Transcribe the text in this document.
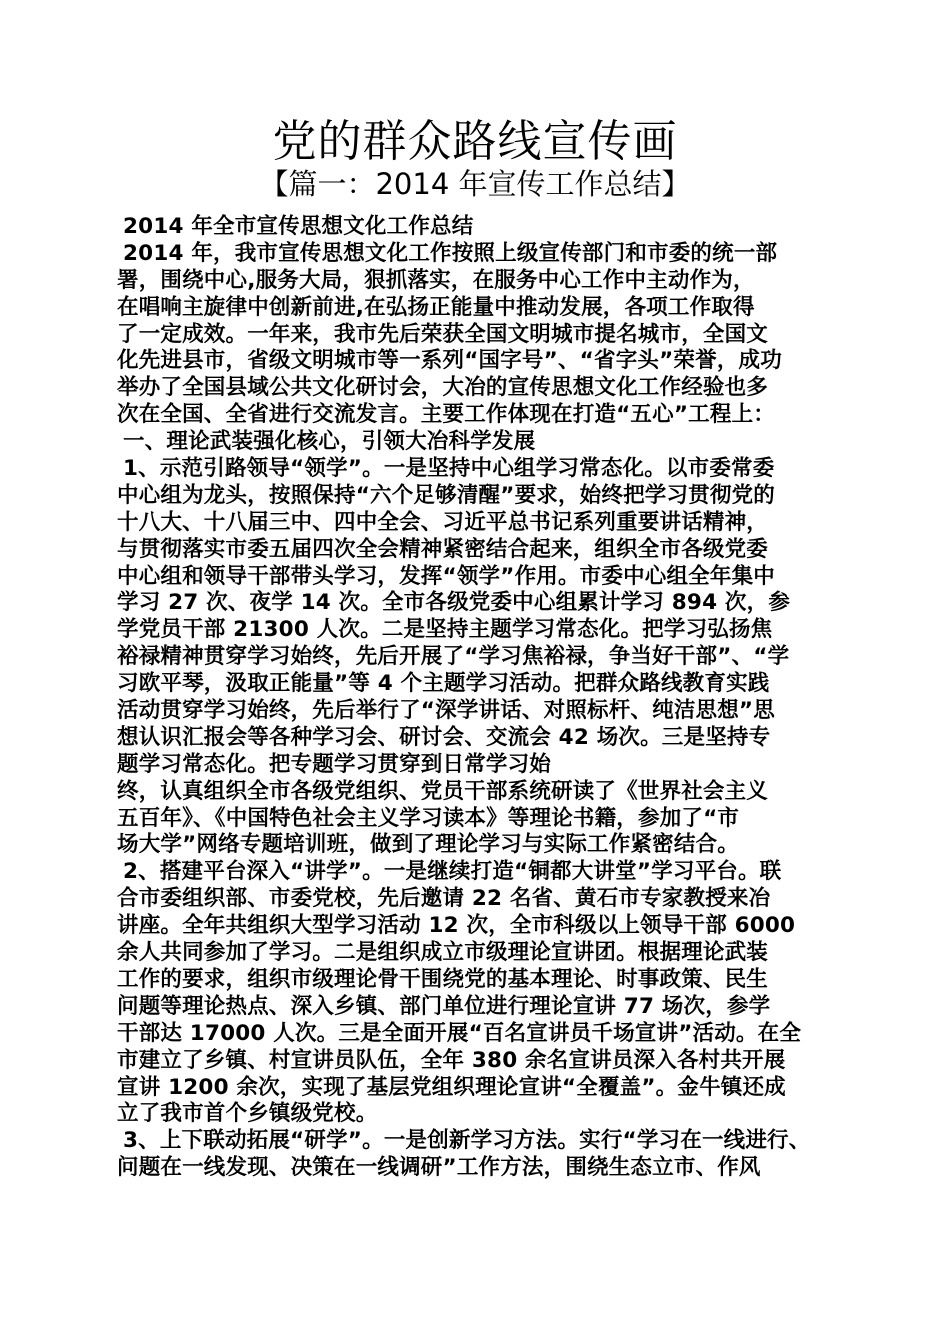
党的群众路线宣传画
【篇一：2014 年宣传工作总结】
2014 年全市宣传思想文化工作总结
2014 年，我市宣传思想文化工作按照上级宣传部门和市委的统一部
署，围绕中心,服务大局，狠抓落实，在服务中心工作中主动作为，
在唱响主旋律中创新前进,在弘扬正能量中推动发展，各项工作取得
了一定成效。一年来，我市先后荣获全国文明城市提名城市，全国文
化先进县市，省级文明城市等一系列“国字号”、“省字头”荣誉，成功
举办了全国县域公共文化研讨会，大冶的宣传思想文化工作经验也多
次在全国、全省进行交流发言。主要工作体现在打造“五心”工程上：
一、理论武装强化核心，引领大冶科学发展
1、示范引路领导“领学”。一是坚持中心组学习常态化。以市委常委
中心组为龙头，按照保持“六个足够清醒”要求，始终把学习贯彻党的
十八大、十八届三中、四中全会、习近平总书记系列重要讲话精神，
与贯彻落实市委五届四次全会精神紧密结合起来，组织全市各级党委
中心组和领导干部带头学习，发挥“领学”作用。市委中心组全年集中
学习 27 次、夜学 14 次。全市各级党委中心组累计学习 894 次，参
学党员干部 21300 人次。二是坚持主题学习常态化。把学习弘扬焦
裕禄精神贯穿学习始终，先后开展了“学习焦裕禄，争当好干部”、“学
习欧平琴，汲取正能量”等 4 个主题学习活动。把群众路线教育实践
活动贯穿学习始终，先后举行了“深学讲话、对照标杆、纯洁思想”思
想认识汇报会等各种学习会、研讨会、交流会 42 场次。三是坚持专
题学习常态化。把专题学习贯穿到日常学习始
终，认真组织全市各级党组织、党员干部系统研读了《世界社会主义
五百年》、《中国特色社会主义学习读本》等理论书籍，参加了“市
场大学”网络专题培训班，做到了理论学习与实际工作紧密结合。
2、搭建平台深入“讲学”。一是继续打造“铜都大讲堂”学习平台。联
合市委组织部、市委党校，先后邀请 22 名省、黄石市专家教授来冶
讲座。全年共组织大型学习活动 12 次，全市科级以上领导干部 6000
余人共同参加了学习。二是组织成立市级理论宣讲团。根据理论武装
工作的要求，组织市级理论骨干围绕党的基本理论、时事政策、民生
问题等理论热点、深入乡镇、部门单位进行理论宣讲 77 场次，参学
干部达 17000 人次。三是全面开展“百名宣讲员千场宣讲”活动。在全
市建立了乡镇、村宣讲员队伍，全年 380 余名宣讲员深入各村共开展
宣讲 1200 余次，实现了基层党组织理论宣讲“全覆盖”。金牛镇还成
立了我市首个乡镇级党校。
3、上下联动拓展“研学”。一是创新学习方法。实行“学习在一线进行、
问题在一线发现、决策在一线调研”工作方法，围绕生态立市、作风
